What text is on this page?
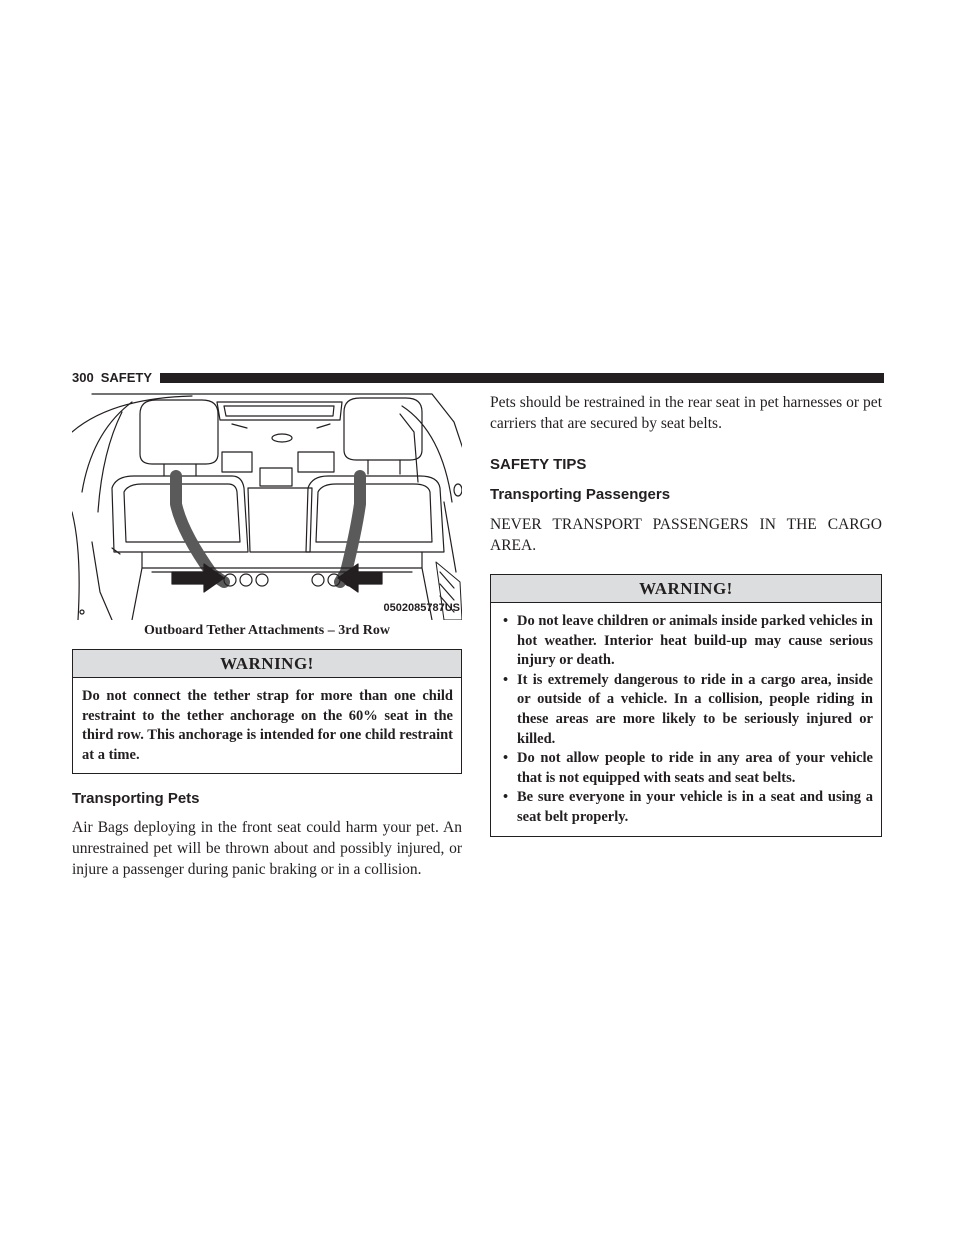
300 SAFETY
0502085787US
Outboard Tether Attachments – 3rd Row
WARNING!
Do not connect the tether strap for more than one child restraint to the tether anchorage on the 60% seat in the third row. This anchorage is intended for one child restraint at a time.
Transporting Pets

Air Bags deploying in the front seat could harm your pet. An unrestrained pet will be thrown about and possibly injured, or injure a passenger during panic braking or in a collision.

Pets should be restrained in the rear seat in pet harnesses or pet carriers that are secured by seat belts.

SAFETY TIPS
Transporting Passengers

NEVER TRANSPORT PASSENGERS IN THE CARGO AREA.

WARNING!
• Do not leave children or animals inside parked vehicles in hot weather. Interior heat build-up may cause serious injury or death.
• It is extremely dangerous to ride in a cargo area, inside or outside of a vehicle. In a collision, people riding in these areas are more likely to be seriously injured or killed.
• Do not allow people to ride in any area of your vehicle that is not equipped with seats and seat belts.
• Be sure everyone in your vehicle is in a seat and using a seat belt properly.
